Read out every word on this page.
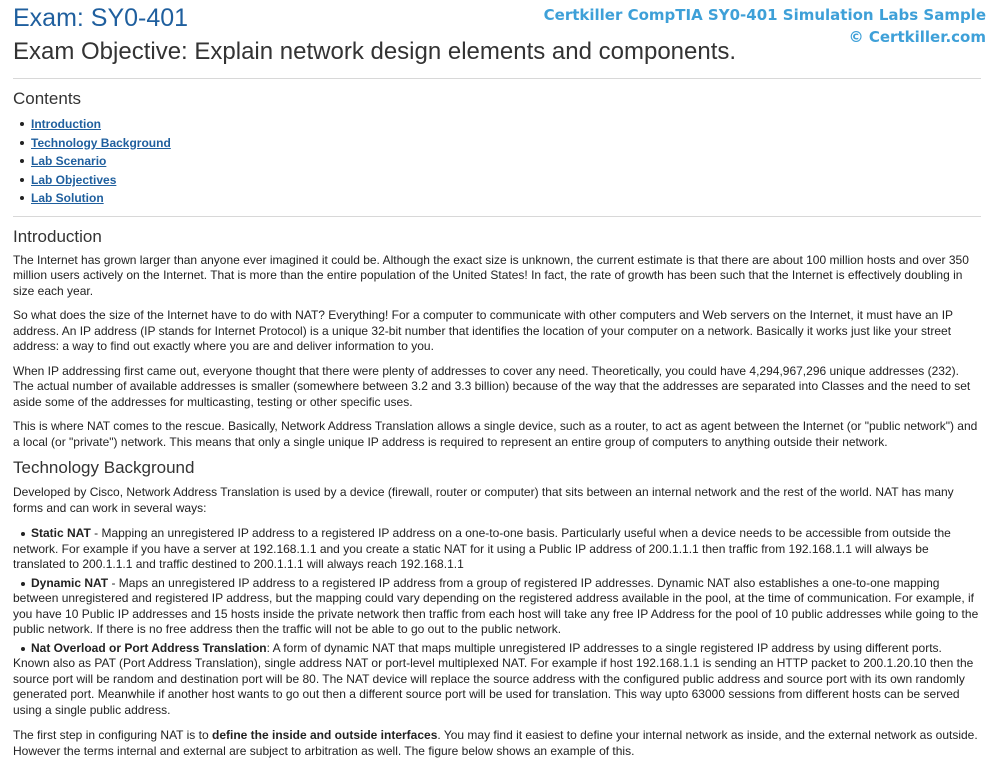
Certkiller CompTIA SY0-401 Simulation Labs Sample
© Certkiller.com
Exam: SY0-401
Exam Objective: Explain network design elements and components.
Contents
Introduction
Technology Background
Lab Scenario
Lab Objectives
Lab Solution
Introduction

The Internet has grown larger than anyone ever imagined it could be. Although the exact size is unknown, the current estimate is that there are about 100 million hosts and over 350 million users actively on the Internet. That is more than the entire population of the United States! In fact, the rate of growth has been such that the Internet is effectively doubling in size each year.

So what does the size of the Internet have to do with NAT? Everything! For a computer to communicate with other computers and Web servers on the Internet, it must have an IP address. An IP address (IP stands for Internet Protocol) is a unique 32-bit number that identifies the location of your computer on a network. Basically it works just like your street address: a way to find out exactly where you are and deliver information to you.

When IP addressing first came out, everyone thought that there were plenty of addresses to cover any need. Theoretically, you could have 4,294,967,296 unique addresses (232). The actual number of available addresses is smaller (somewhere between 3.2 and 3.3 billion) because of the way that the addresses are separated into Classes and the need to set aside some of the addresses for multicasting, testing or other specific uses.

This is where NAT comes to the rescue. Basically, Network Address Translation allows a single device, such as a router, to act as agent between the Internet (or "public network") and a local (or "private") network. This means that only a single unique IP address is required to represent an entire group of computers to anything outside their network.

Technology Background

Developed by Cisco, Network Address Translation is used by a device (firewall, router or computer) that sits between an internal network and the rest of the world. NAT has many forms and can work in several ways:

Static NAT - Mapping an unregistered IP address to a registered IP address on a one-to-one basis. Particularly useful when a device needs to be accessible from outside the network. For example if you have a server at 192.168.1.1 and you create a static NAT for it using a Public IP address of 200.1.1.1 then traffic from 192.168.1.1 will always be translated to 200.1.1.1 and traffic destined to 200.1.1.1 will always reach 192.168.1.1
Dynamic NAT - Maps an unregistered IP address to a registered IP address from a group of registered IP addresses. Dynamic NAT also establishes a one-to-one mapping between unregistered and registered IP address, but the mapping could vary depending on the registered address available in the pool, at the time of communication. For example, if you have 10 Public IP addresses and 15 hosts inside the private network then traffic from each host will take any free IP Address for the pool of 10 public addresses while going to the public network. If there is no free address then the traffic will not be able to go out to the public network.
Nat Overload or Port Address Translation: A form of dynamic NAT that maps multiple unregistered IP addresses to a single registered IP address by using different ports. Known also as PAT (Port Address Translation), single address NAT or port-level multiplexed NAT. For example if host 192.168.1.1 is sending an HTTP packet to 200.1.20.10 then the source port will be random and destination port will be 80. The NAT device will replace the source address with the configured public address and source port with its own randomly generated port. Meanwhile if another host wants to go out then a different source port will be used for translation. This way upto 63000 sessions from different hosts can be served using a single public address.

The first step in configuring NAT is to define the inside and outside interfaces. You may find it easiest to define your internal network as inside, and the external network as outside. However the terms internal and external are subject to arbitration as well. The figure below shows an example of this.
